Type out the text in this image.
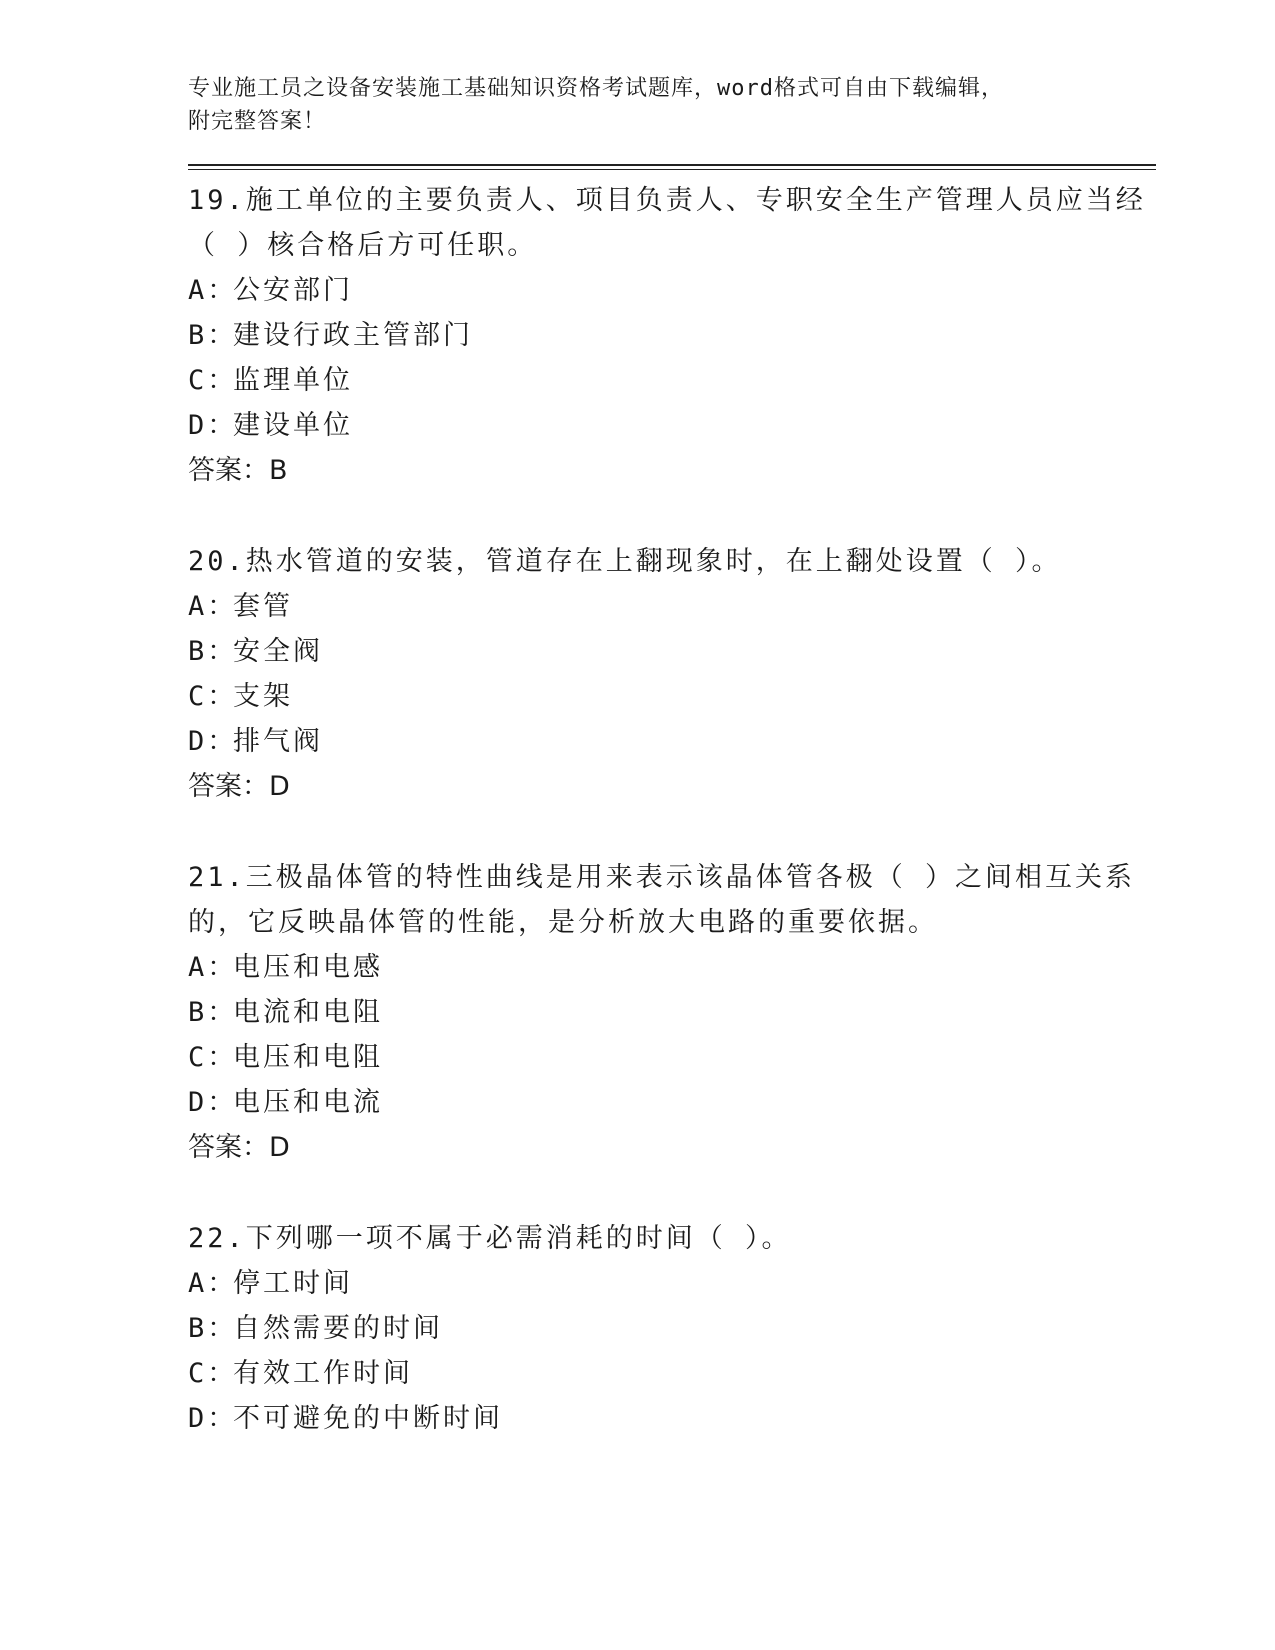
专业施工员之设备安装施工基础知识资格考试题库，word格式可自由下载编辑，

附完整答案！

19.施工单位的主要负责人、项目负责人、专职安全生产管理人员应当经（ ）核合格后方可任职。

A：
公安部门

B：
建设行政主管部门

C：
监理单位

D：
建设单位

答案：B

20.热水管道的安装，管道存在上翻现象时，在上翻处设置（ ）。

A：
套管

B：
安全阀

C：
支架

D：
排气阀

答案：D

21.三极晶体管的特性曲线是用来表示该晶体管各极（ ）之间相互关系的，它反映晶体管的性能，是分析放大电路的重要依据。

A：
电压和电感

B：
电流和电阻

C：
电压和电阻

D：
电压和电流

答案：D

22.下列哪一项不属于必需消耗的时间（ ）。

A：
停工时间

B：
自然需要的时间

C：
有效工作时间

D：
不可避免的中断时间
